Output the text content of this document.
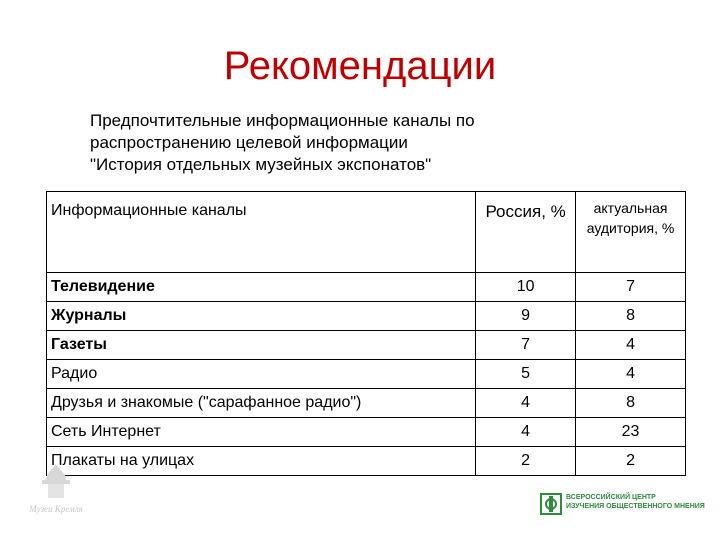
Рекомендации
Предпочтительные информационные каналы по
распространению целевой информации
"История отдельных музейных экспонатов"
Информационные каналы	Россия, %	актуальная аудитория, %
Телевидение	10	7
Журналы	9	8
Газеты	7	4
Радио	5	4
Друзья и знакомые ("сарафанное радио")	4	8
Сеть Интернет	4	23
Плакаты на улицах	2	2
Музеи Кремля
ВСЕРОССИЙСКИЙ ЦЕНТР
ИЗУЧЕНИЯ ОБЩЕСТВЕННОГО МНЕНИЯ
